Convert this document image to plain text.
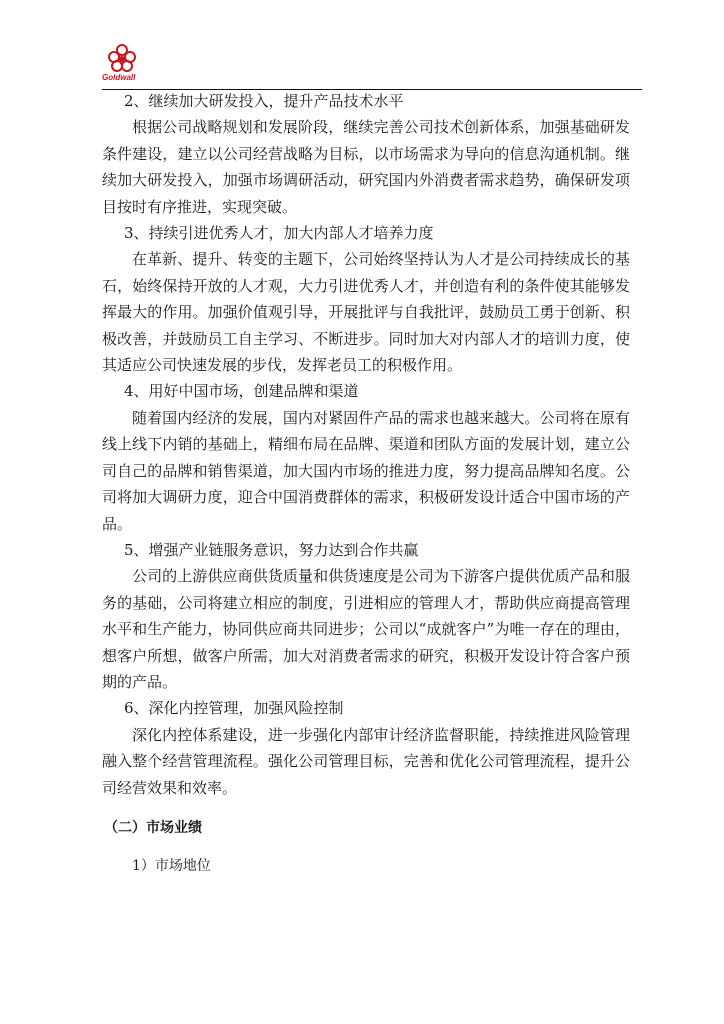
Goldwall

2、继续加大研发投入，提升产品技术水平

根据公司战略规划和发展阶段，继续完善公司技术创新体系，加强基础研发条件建设，建立以公司经营战略为目标，以市场需求为导向的信息沟通机制。继续加大研发投入，加强市场调研活动，研究国内外消费者需求趋势，确保研发项目按时有序推进，实现突破。

3、持续引进优秀人才，加大内部人才培养力度

在革新、提升、转变的主题下，公司始终坚持认为人才是公司持续成长的基石，始终保持开放的人才观，大力引进优秀人才，并创造有利的条件使其能够发挥最大的作用。加强价值观引导，开展批评与自我批评，鼓励员工勇于创新、积极改善，并鼓励员工自主学习、不断进步。同时加大对内部人才的培训力度，使其适应公司快速发展的步伐，发挥老员工的积极作用。

4、用好中国市场，创建品牌和渠道

随着国内经济的发展，国内对紧固件产品的需求也越来越大。公司将在原有线上线下内销的基础上，精细布局在品牌、渠道和团队方面的发展计划，建立公司自己的品牌和销售渠道，加大国内市场的推进力度，努力提高品牌知名度。公司将加大调研力度，迎合中国消费群体的需求，积极研发设计适合中国市场的产品。

5、增强产业链服务意识，努力达到合作共赢

公司的上游供应商供货质量和供货速度是公司为下游客户提供优质产品和服务的基础，公司将建立相应的制度，引进相应的管理人才，帮助供应商提高管理水平和生产能力，协同供应商共同进步；公司以“成就客户”为唯一存在的理由，想客户所想，做客户所需，加大对消费者需求的研究，积极开发设计符合客户预期的产品。

6、深化内控管理，加强风险控制

深化内控体系建设，进一步强化内部审计经济监督职能，持续推进风险管理融入整个经营管理流程。强化公司管理目标，完善和优化公司管理流程，提升公司经营效果和效率。

（二）市场业绩

1）市场地位
